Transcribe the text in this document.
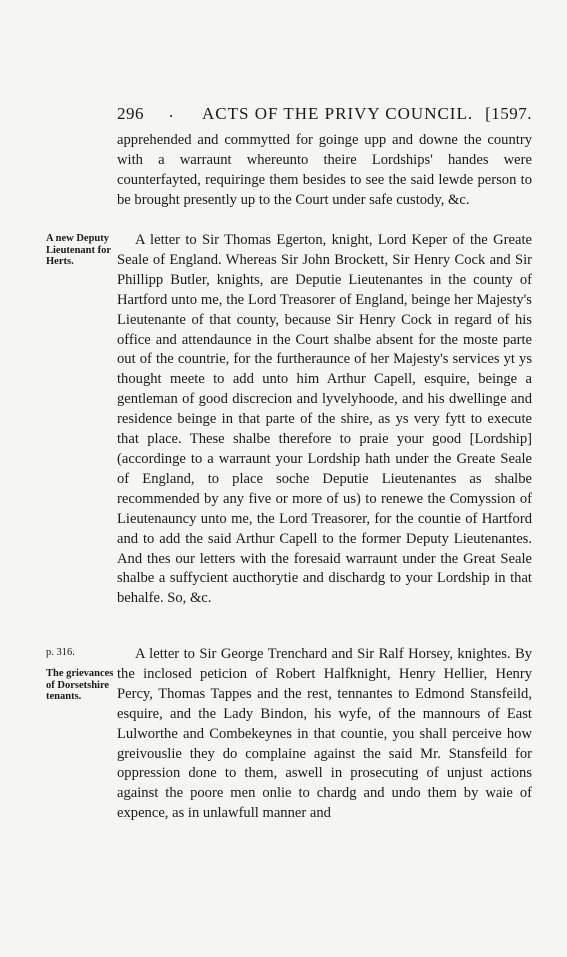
296 . ACTS OF THE PRIVY COUNCIL. [1597.

apprehended and commytted for goinge upp and downe the country with a warraunt whereunto theire Lordships' handes were counterfayted, requiringe them besides to see the said lewde person to be brought presently up to the Court under safe custody, &c.

A new Deputy Lieutenant for Herts.

A letter to Sir Thomas Egerton, knight, Lord Keper of the Greate Seale of England. Whereas Sir John Brockett, Sir Henry Cock and Sir Phillipp Butler, knights, are Deputie Lieutenantes in the county of Hartford unto me, the Lord Treasorer of England, beinge her Majesty's Lieutenante of that county, because Sir Henry Cock in regard of his office and attendaunce in the Court shalbe absent for the moste parte out of the countrie, for the furtheraunce of her Majesty's services yt ys thought meete to add unto him Arthur Capell, esquire, beinge a gentleman of good discrecion and lyvelyhoode, and his dwellinge and residence beinge in that parte of the shire, as ys very fytt to execute that place. These shalbe therefore to praie your good [Lordship] (accordinge to a warraunt your Lordship hath under the Greate Seale of England, to place soche Deputie Lieutenantes as shalbe recommended by any five or more of us) to renewe the Comyssion of Lieutenauncy unto me, the Lord Treasorer, for the countie of Hartford and to add the said Arthur Capell to the former Deputy Lieutenantes. And thes our letters with the foresaid warraunt under the Great Seale shalbe a suffycient aucthorytie and dischardg to your Lordship in that behalfe. So, &c.

p. 316.

The grievances of Dorsetshire tenants.

A letter to Sir George Trenchard and Sir Ralf Horsey, knightes. By the inclosed peticion of Robert Halfknight, Henry Hellier, Henry Percy, Thomas Tappes and the rest, tennantes to Edmond Stansfeild, esquire, and the Lady Bindon, his wyfe, of the mannours of East Lulworthe and Combekeynes in that countie, you shall perceive how greivouslie they do complaine against the said Mr. Stansfeild for oppression done to them, aswell in prosecuting of unjust actions against the poore men onlie to chardg and undo them by waie of expence, as in unlawfull manner and
